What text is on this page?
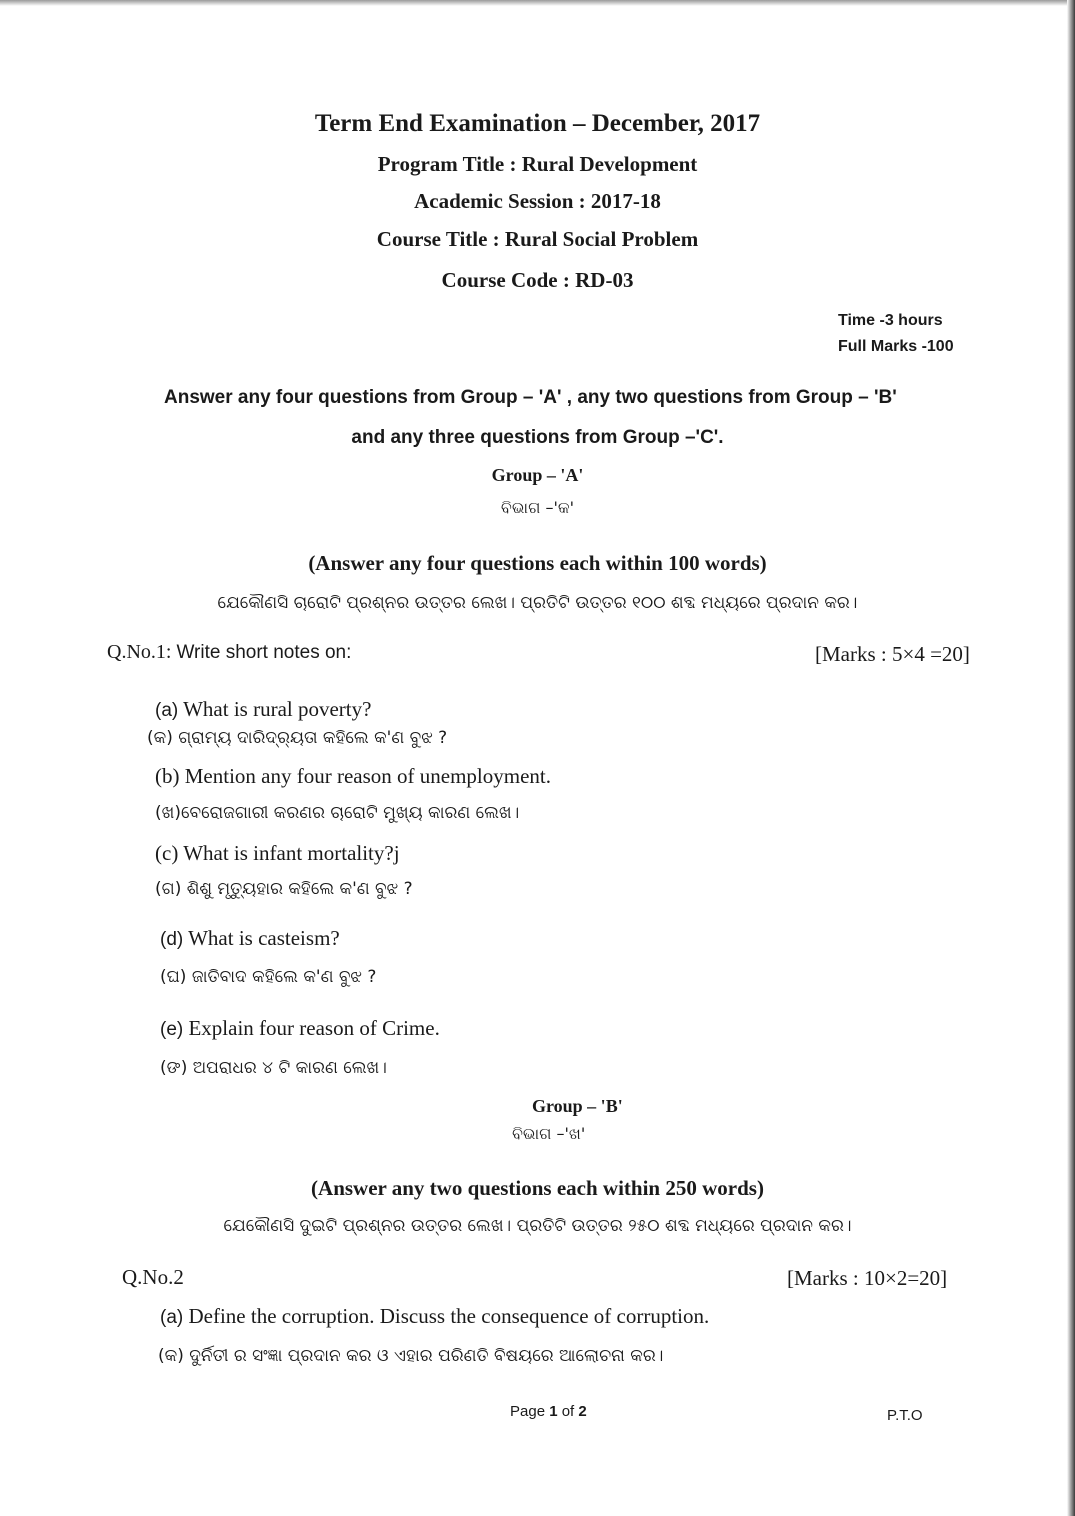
Term End Examination – December, 2017
Program Title : Rural Development
Academic Session : 2017-18
Course Title : Rural Social Problem
Course Code : RD-03
Time -3 hours
Full Marks -100
Answer any four questions from Group – 'A' , any two questions from Group – 'B'
and any three questions from Group –'C'.
Group – 'A'
ବିଭାଗ –'କ'
(Answer any four questions each within 100 words)
ଯେକୌଣସି ଚାରୋଟି ପ୍ରଶ୍ନର ଉତ୍ତର ଲେଖ। ପ୍ରତିଟି ଉତ୍ତର ୧୦୦ ଶବ୍ଦ ମଧ୍ୟରେ ପ୍ରଦାନ କର।
Q.No.1: Write short notes on:	[Marks : 5×4 =20]
(a) What is rural poverty?
(କ) ଗ୍ରାମ୍ୟ ଦାରିଦ୍ର୍ୟତା କହିଲେ କ'ଣ ବୁଝ ?
(b) Mention any four reason of unemployment.
(ଖ)ବେରୋଜଗାରୀ କରଣର ଚାରୋଟି ମୁଖ୍ୟ କାରଣ ଲେଖ।
(c) What is infant mortality?j
(ଗ) ଶିଶୁ ମୃତ୍ୟୁହାର କହିଲେ କ'ଣ ବୁଝ ?
(d) What is casteism?
(ଘ) ଜାତିବାଦ କହିଲେ କ'ଣ ବୁଝ ?
(e) Explain four reason of Crime.
(ଙ) ଅପରାଧର ୪ ଟି କାରଣ ଲେଖ।
Group – 'B'
ବିଭାଗ –'ଖ'
(Answer any two questions each within 250 words)
ଯେକୌଣସି ଦୁଇଟି ପ୍ରଶ୍ନର ଉତ୍ତର ଲେଖ। ପ୍ରତିଟି ଉତ୍ତର ୨୫୦ ଶବ୍ଦ ମଧ୍ୟରେ ପ୍ରଦାନ କର।
Q.No.2	[Marks : 10×2=20]
(a) Define the corruption. Discuss the consequence of corruption.
(କ) ଦୁର୍ନିତୀ ର ସଂଜ୍ଞା ପ୍ରଦାନ କର ଓ ଏହାର ପରିଣତି ବିଷୟରେ ଆଲୋଚନା କର।
Page 1 of 2	P.T.O
